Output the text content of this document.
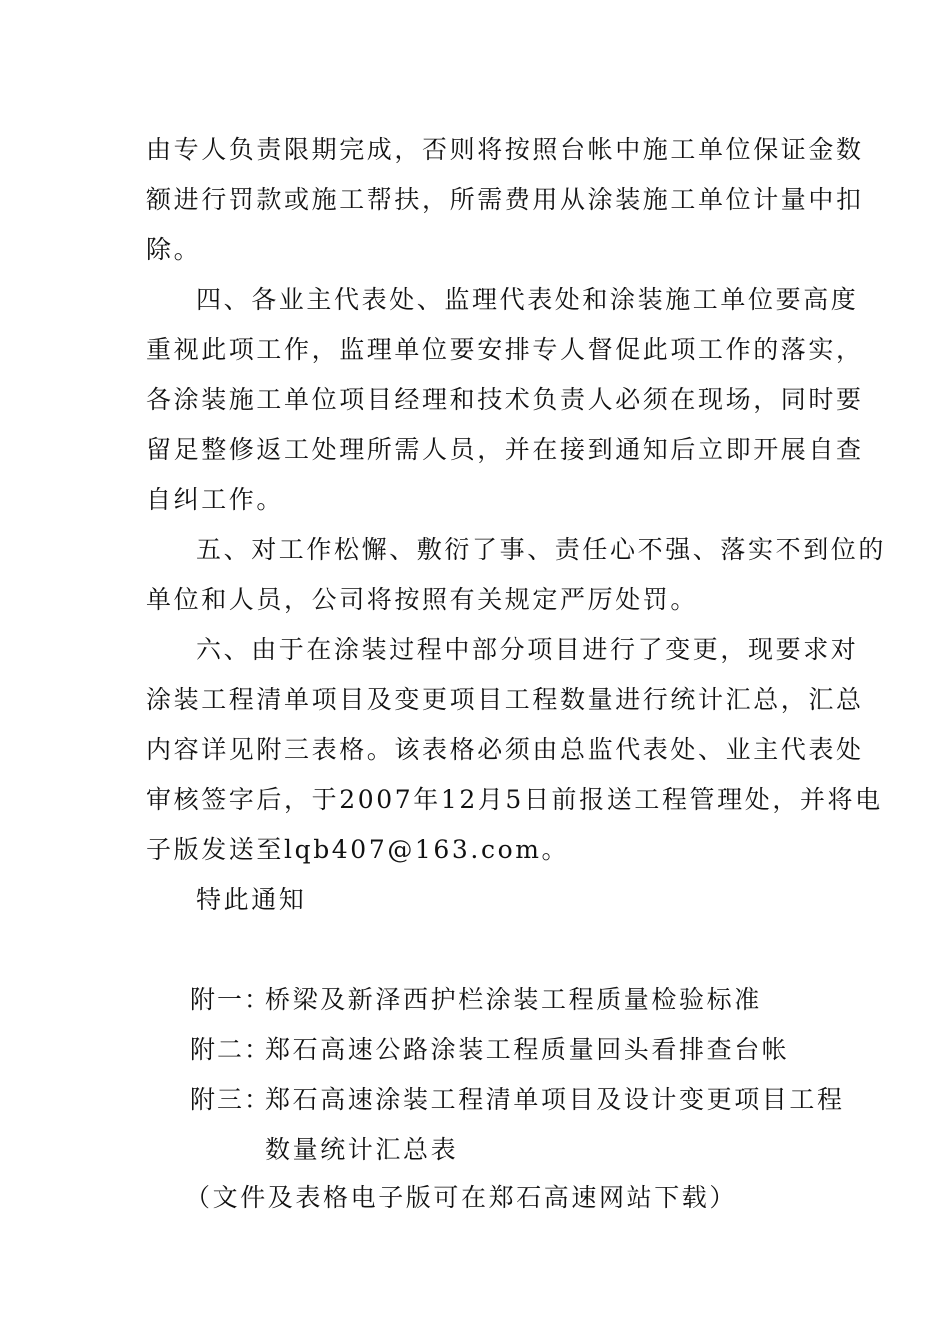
由专人负责限期完成，否则将按照台帐中施工单位保证金数
额进行罚款或施工帮扶，所需费用从涂装施工单位计量中扣
除。
四、各业主代表处、监理代表处和涂装施工单位要高度
重视此项工作，监理单位要安排专人督促此项工作的落实，
各涂装施工单位项目经理和技术负责人必须在现场，同时要
留足整修返工处理所需人员，并在接到通知后立即开展自查
自纠工作。
五、对工作松懈、敷衍了事、责任心不强、落实不到位的
单位和人员，公司将按照有关规定严厉处罚。
六、由于在涂装过程中部分项目进行了变更，现要求对
涂装工程清单项目及变更项目工程数量进行统计汇总，汇总
内容详见附三表格。该表格必须由总监代表处、业主代表处
审核签字后，于2007年12月5日前报送工程管理处，并将电
子版发送至lqb407@163.com。
特此通知
附一：
桥梁及新泽西护栏涂装工程质量检验标准
附二：
郑石高速公路涂装工程质量回头看排查台帐
附三：
郑石高速涂装工程清单项目及设计变更项目工程
数量统计汇总表
（文件及表格电子版可在郑石高速网站下载）
